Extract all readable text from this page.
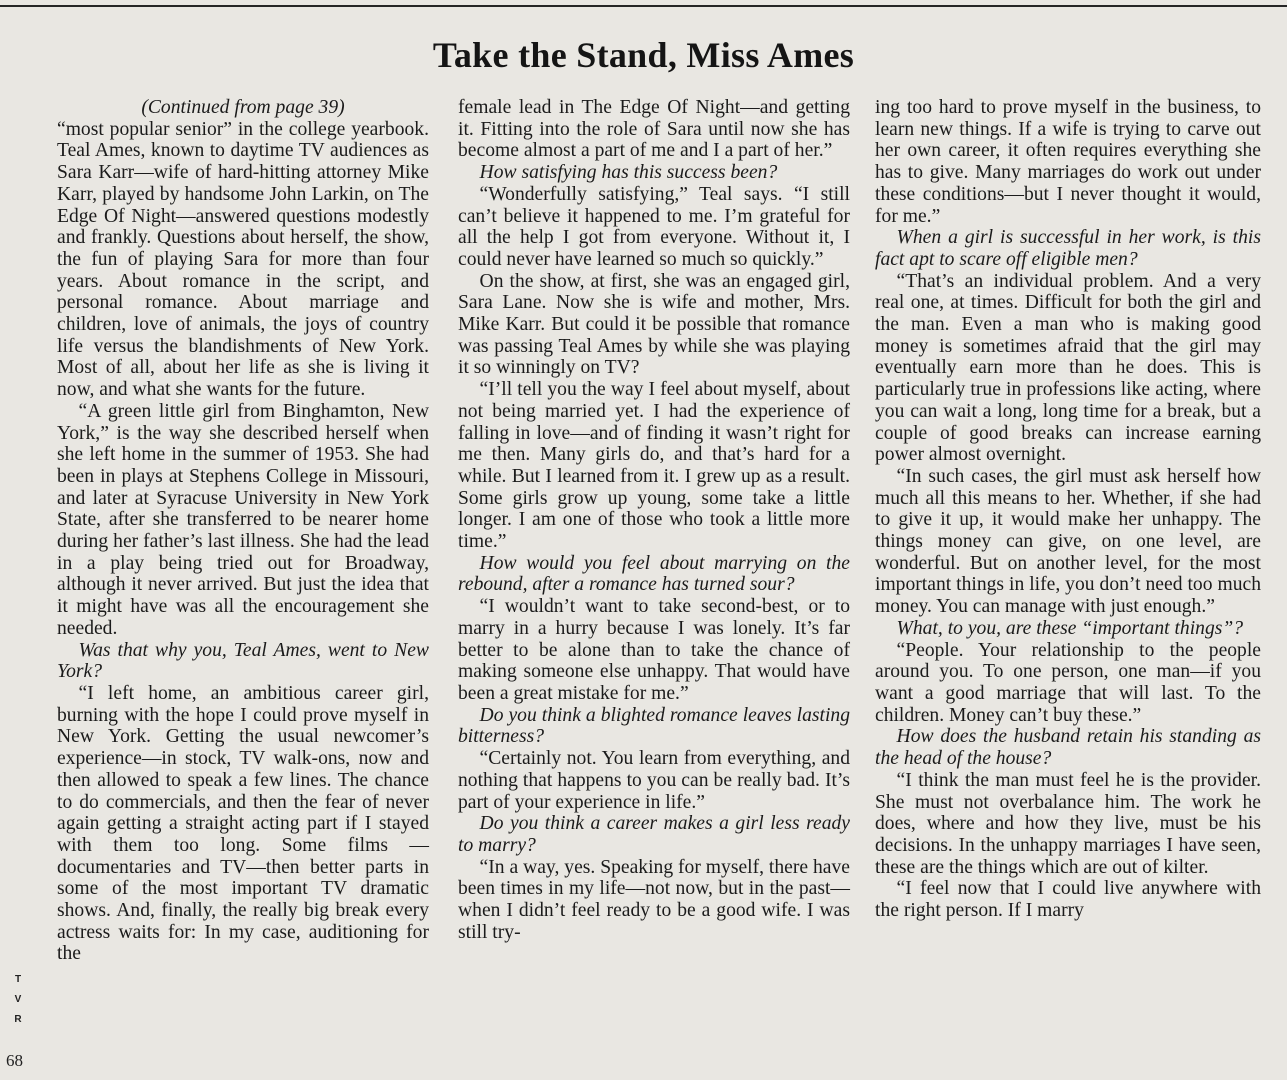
Take the Stand, Miss Ames
(Continued from page 39)

“most popular senior” in the college yearbook. Teal Ames, known to daytime TV audiences as Sara Karr—wife of hard-hitting attorney Mike Karr, played by handsome John Larkin, on The Edge Of Night—answered questions modestly and frankly. Questions about herself, the show, the fun of playing Sara for more than four years. About romance in the script, and personal romance. About marriage and children, love of animals, the joys of country life versus the blandishments of New York. Most of all, about her life as she is living it now, and what she wants for the future.

“A green little girl from Binghamton, New York,” is the way she described herself when she left home in the summer of 1953. She had been in plays at Stephens College in Missouri, and later at Syracuse University in New York State, after she transferred to be nearer home during her father’s last illness. She had the lead in a play being tried out for Broadway, although it never arrived. But just the idea that it might have was all the encouragement she needed.

Was that why you, Teal Ames, went to New York?

“I left home, an ambitious career girl, burning with the hope I could prove myself in New York. Getting the usual newcomer’s experience—in stock, TV walk-ons, now and then allowed to speak a few lines. The chance to do commercials, and then the fear of never again getting a straight acting part if I stayed with them too long. Some films —documentaries and TV—then better parts in some of the most important TV dramatic shows. And, finally, the really big break every actress waits for: In my case, auditioning for the

female lead in The Edge Of Night—and getting it. Fitting into the role of Sara until now she has become almost a part of me and I a part of her.”

How satisfying has this success been?

“Wonderfully satisfying,” Teal says. “I still can’t believe it happened to me. I’m grateful for all the help I got from everyone. Without it, I could never have learned so much so quickly.”

On the show, at first, she was an engaged girl, Sara Lane. Now she is wife and mother, Mrs. Mike Karr. But could it be possible that romance was passing Teal Ames by while she was playing it so winningly on TV?

“I’ll tell you the way I feel about myself, about not being married yet. I had the experience of falling in love—and of finding it wasn’t right for me then. Many girls do, and that’s hard for a while. But I learned from it. I grew up as a result. Some girls grow up young, some take a little longer. I am one of those who took a little more time.”

How would you feel about marrying on the rebound, after a romance has turned sour?

“I wouldn’t want to take second-best, or to marry in a hurry because I was lonely. It’s far better to be alone than to take the chance of making someone else unhappy. That would have been a great mistake for me.”

Do you think a blighted romance leaves lasting bitterness?

“Certainly not. You learn from everything, and nothing that happens to you can be really bad. It’s part of your experience in life.”

Do you think a career makes a girl less ready to marry?

“In a way, yes. Speaking for myself, there have been times in my life—not now, but in the past—when I didn’t feel ready to be a good wife. I was still try-

ing too hard to prove myself in the business, to learn new things. If a wife is trying to carve out her own career, it often requires everything she has to give. Many marriages do work out under these conditions—but I never thought it would, for me.”

When a girl is successful in her work, is this fact apt to scare off eligible men?

“That’s an individual problem. And a very real one, at times. Difficult for both the girl and the man. Even a man who is making good money is sometimes afraid that the girl may eventually earn more than he does. This is particularly true in professions like acting, where you can wait a long, long time for a break, but a couple of good breaks can increase earning power almost overnight.

“In such cases, the girl must ask herself how much all this means to her. Whether, if she had to give it up, it would make her unhappy. The things money can give, on one level, are wonderful. But on another level, for the most important things in life, you don’t need too much money. You can manage with just enough.”

What, to you, are these “important things”?

“People. Your relationship to the people around you. To one person, one man—if you want a good marriage that will last. To the children. Money can’t buy these.”

How does the husband retain his standing as the head of the house?

“I think the man must feel he is the provider. She must not overbalance him. The work he does, where and how they live, must be his decisions. In the unhappy marriages I have seen, these are the things which are out of kilter.

“I feel now that I could live anywhere with the right person. If I marry

T
V
R
68
